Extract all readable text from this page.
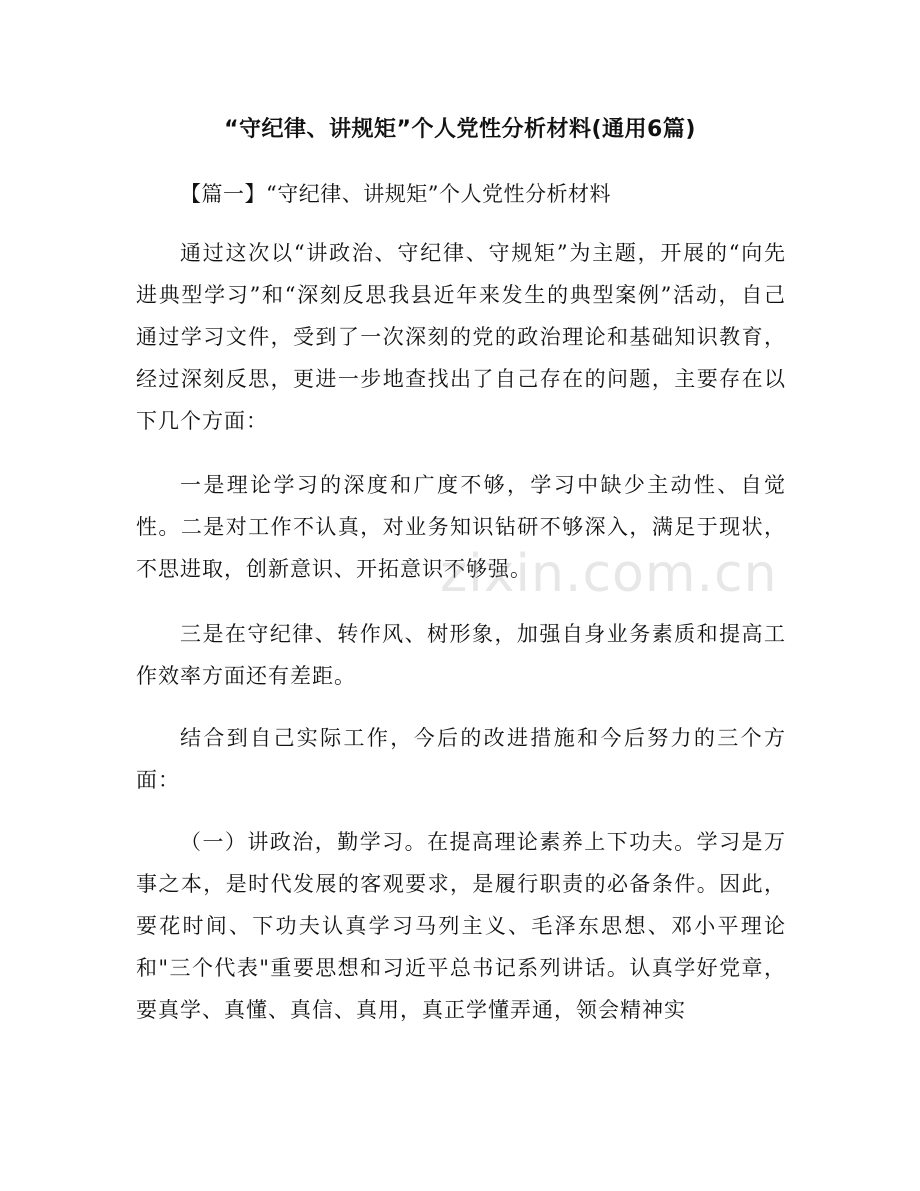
“守纪律、讲规矩”个人党性分析材料(通用6篇)
【篇一】“守纪律、讲规矩”个人党性分析材料
通过这次以“讲政治、守纪律、守规矩”为主题，开展的“向先进典型学习”和“深刻反思我县近年来发生的典型案例”活动，自己通过学习文件，受到了一次深刻的党的政治理论和基础知识教育，经过深刻反思，更进一步地查找出了自己存在的问题，主要存在以下几个方面：
一是理论学习的深度和广度不够，学习中缺少主动性、自觉性。二是对工作不认真，对业务知识钻研不够深入，满足于现状，不思进取，创新意识、开拓意识不够强。
三是在守纪律、转作风、树形象，加强自身业务素质和提高工作效率方面还有差距。
结合到自己实际工作，今后的改进措施和今后努力的三个方面：
（一）讲政治，勤学习。在提高理论素养上下功夫。学习是万事之本，是时代发展的客观要求，是履行职责的必备条件。因此，要花时间、下功夫认真学习马列主义、毛泽东思想、邓小平理论和"三个代表"重要思想和习近平总书记系列讲话。认真学好党章，要真学、真懂、真信、真用，真正学懂弄通，领会精神实
zixin.com.cn
